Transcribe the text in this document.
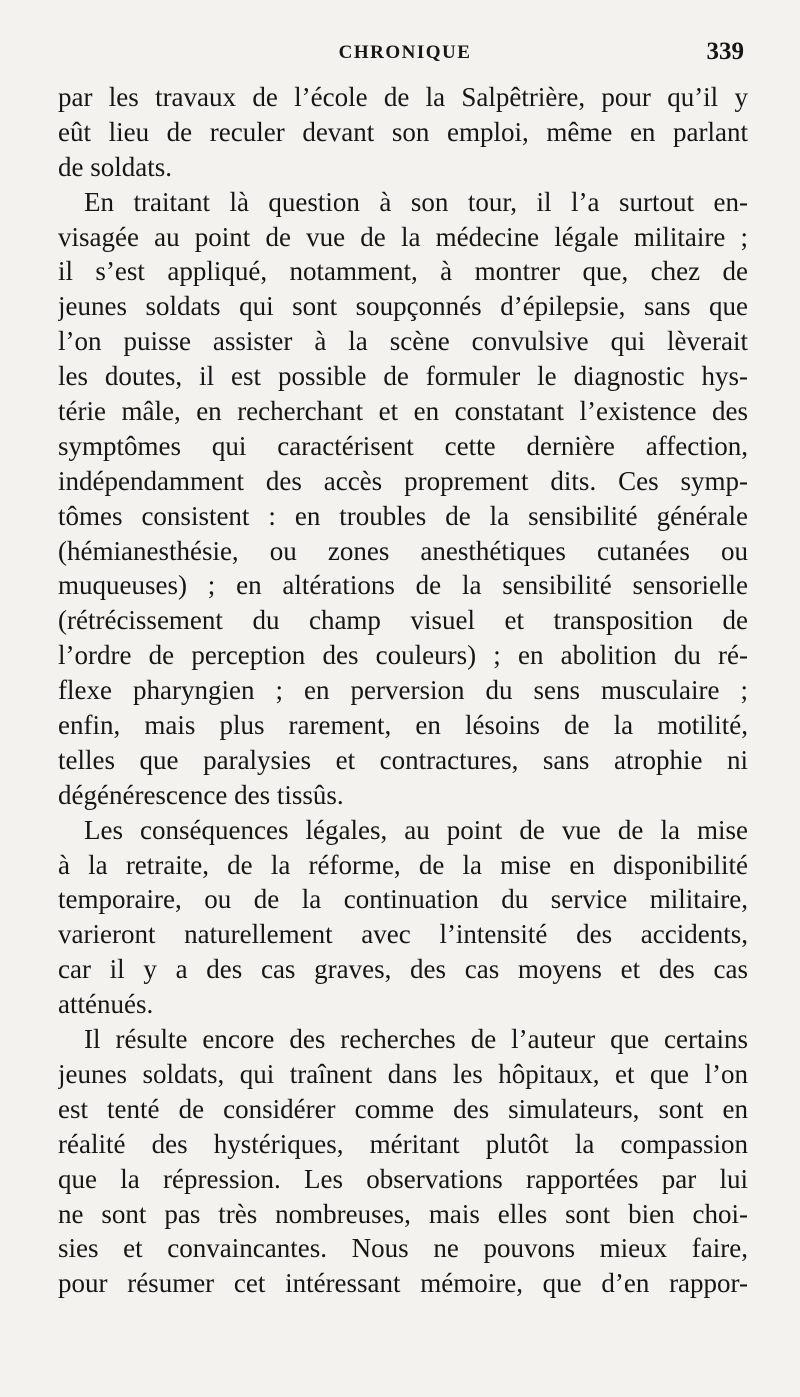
CHRONIQUE	339
par les travaux de l’école de la Salpêtrière, pour qu’il y
eût lieu de reculer devant son emploi, même en parlant
de soldats.
En traitant là question à son tour, il l’a surtout en-
visagée au point de vue de la médecine légale militaire ;
il s’est appliqué, notamment, à montrer que, chez de
jeunes soldats qui sont soupçonnés d’épilepsie, sans que
l’on puisse assister à la scène convulsive qui lèverait
les doutes, il est possible de formuler le diagnostic hys-
térie mâle, en recherchant et en constatant l’existence des
symptômes qui caractérisent cette dernière affection,
indépendamment des accès proprement dits. Ces symp-
tômes consistent : en troubles de la sensibilité générale
(hémianesthésie, ou zones anesthétiques cutanées ou
muqueuses) ; en altérations de la sensibilité sensorielle
(rétrécissement du champ visuel et transposition de
l’ordre de perception des couleurs) ; en abolition du ré-
flexe pharyngien ; en perversion du sens musculaire ;
enfin, mais plus rarement, en lésoins de la motilité,
telles que paralysies et contractures, sans atrophie ni
dégénérescence des tissûs.
Les conséquences légales, au point de vue de la mise
à la retraite, de la réforme, de la mise en disponibilité
temporaire, ou de la continuation du service militaire,
varieront naturellement avec l’intensité des accidents,
car il y a des cas graves, des cas moyens et des cas
atténués.
Il résulte encore des recherches de l’auteur que certains
jeunes soldats, qui traînent dans les hôpitaux, et que l’on
est tenté de considérer comme des simulateurs, sont en
réalité des hystériques, méritant plutôt la compassion
que la répression. Les observations rapportées par lui
ne sont pas très nombreuses, mais elles sont bien choi-
sies et convaincantes. Nous ne pouvons mieux faire,
pour résumer cet intéressant mémoire, que d’en rappor-
